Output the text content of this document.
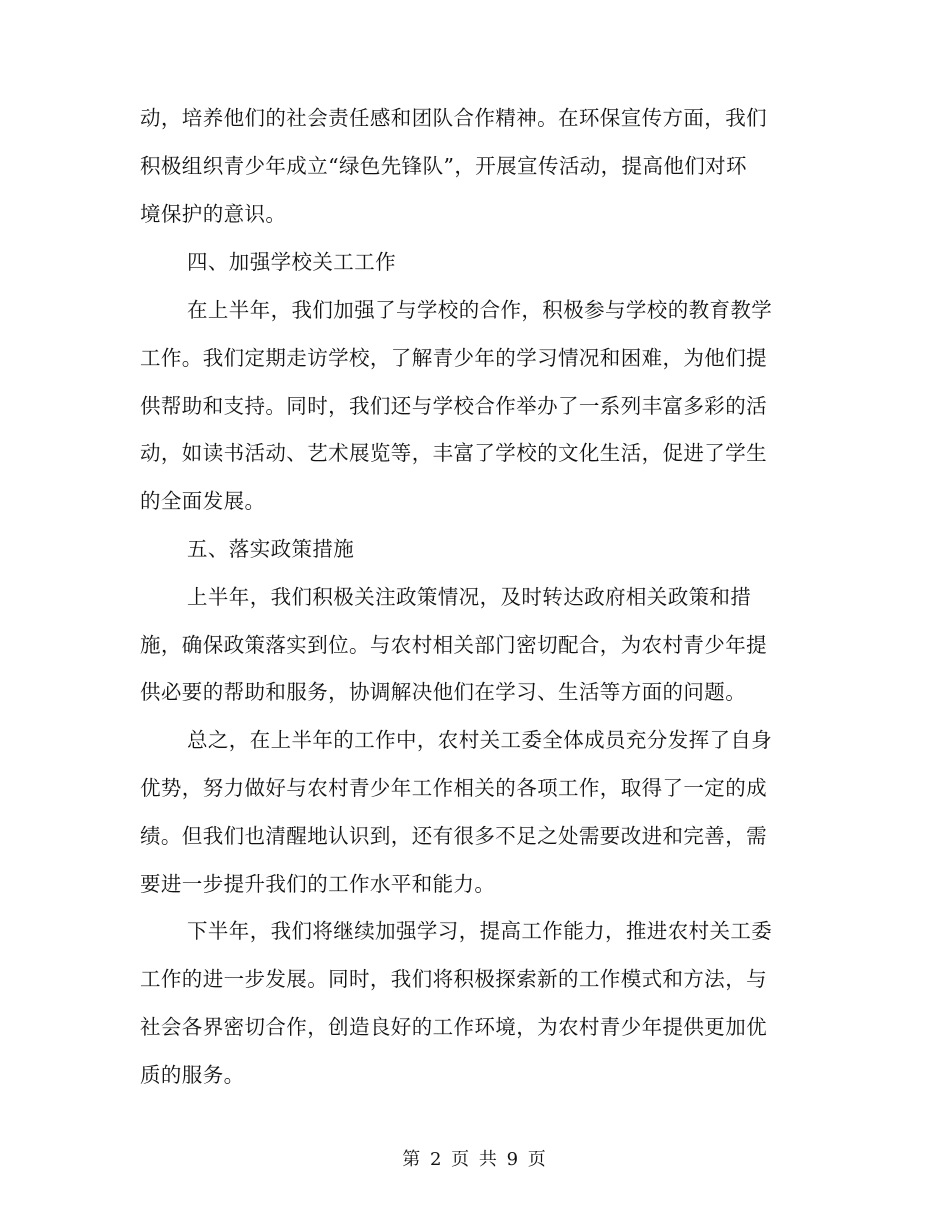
动，培养他们的社会责任感和团队合作精神。在环保宣传方面，我们
积极组织青少年成立“绿色先锋队”，开展宣传活动，提高他们对环
境保护的意识。
四、加强学校关工工作
在上半年，我们加强了与学校的合作，积极参与学校的教育教学
工作。我们定期走访学校，了解青少年的学习情况和困难，为他们提
供帮助和支持。同时，我们还与学校合作举办了一系列丰富多彩的活
动，如读书活动、艺术展览等，丰富了学校的文化生活，促进了学生
的全面发展。
五、落实政策措施
上半年，我们积极关注政策情况，及时转达政府相关政策和措
施，确保政策落实到位。与农村相关部门密切配合，为农村青少年提
供必要的帮助和服务，协调解决他们在学习、生活等方面的问题。
总之，在上半年的工作中，农村关工委全体成员充分发挥了自身
优势，努力做好与农村青少年工作相关的各项工作，取得了一定的成
绩。但我们也清醒地认识到，还有很多不足之处需要改进和完善，需
要进一步提升我们的工作水平和能力。
下半年，我们将继续加强学习，提高工作能力，推进农村关工委
工作的进一步发展。同时，我们将积极探索新的工作模式和方法，与
社会各界密切合作，创造良好的工作环境，为农村青少年提供更加优
质的服务。
第 2 页 共 9 页
